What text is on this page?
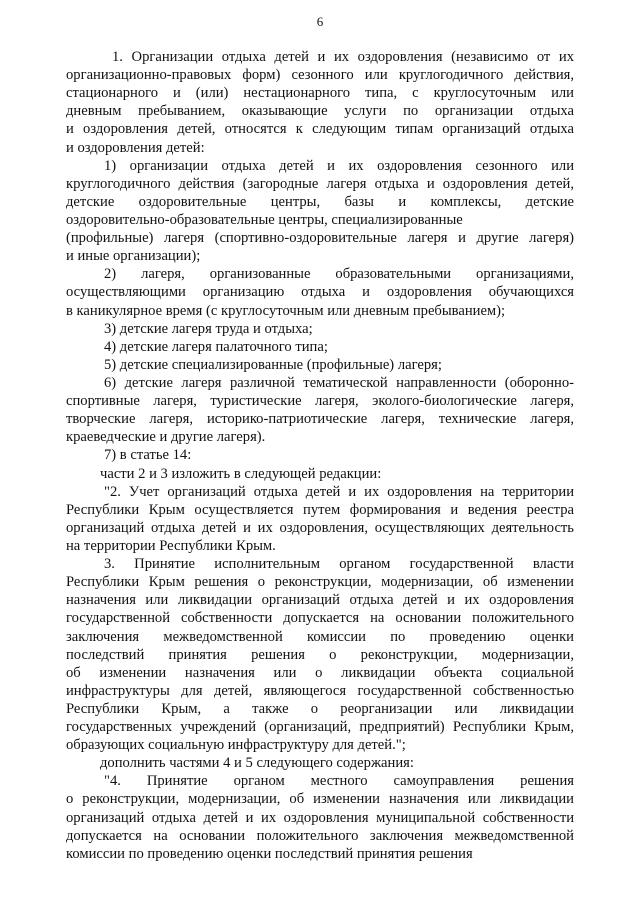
6
1. Организации отдыха детей и их оздоровления (независимо от их
организационно-правовых форм) сезонного или круглогодичного действия,
стационарного и (или) нестационарного типа, с круглосуточным или
дневным пребыванием, оказывающие услуги по организации отдыха
и оздоровления детей, относятся к следующим типам организаций отдыха
и оздоровления детей:
1) организации отдыха детей и их оздоровления сезонного или
круглогодичного действия (загородные лагеря отдыха и оздоровления детей,
детские оздоровительные центры, базы и комплексы, детские
оздоровительно-образовательные центры, специализированные
(профильные) лагеря (спортивно-оздоровительные лагеря и другие лагеря)
и иные организации);
2) лагеря, организованные образовательными организациями,
осуществляющими организацию отдыха и оздоровления обучающихся
в каникулярное время (с круглосуточным или дневным пребыванием);
3) детские лагеря труда и отдыха;
4) детские лагеря палаточного типа;
5) детские специализированные (профильные) лагеря;
6) детские лагеря различной тематической направленности (оборонно-
спортивные лагеря, туристические лагеря, эколого-биологические лагеря,
творческие лагеря, историко-патриотические лагеря, технические лагеря,
краеведческие и другие лагеря).
7) в статье 14:
части 2 и 3 изложить в следующей редакции:
"2. Учет организаций отдыха детей и их оздоровления на территории
Республики Крым осуществляется путем формирования и ведения реестра
организаций отдыха детей и их оздоровления, осуществляющих деятельность
на территории Республики Крым.
3. Принятие исполнительным органом государственной власти
Республики Крым решения о реконструкции, модернизации, об изменении
назначения или ликвидации организаций отдыха детей и их оздоровления
государственной собственности допускается на основании положительного
заключения межведомственной комиссии по проведению оценки
последствий принятия решения о реконструкции, модернизации,
об изменении назначения или о ликвидации объекта социальной
инфраструктуры для детей, являющегося государственной собственностью
Республики Крым, а также о реорганизации или ликвидации
государственных учреждений (организаций, предприятий) Республики Крым,
образующих социальную инфраструктуру для детей.";
дополнить частями 4 и 5 следующего содержания:
"4. Принятие органом местного самоуправления решения
о реконструкции, модернизации, об изменении назначения или ликвидации
организаций отдыха детей и их оздоровления муниципальной собственности
допускается на основании положительного заключения межведомственной
комиссии по проведению оценки последствий принятия решения
